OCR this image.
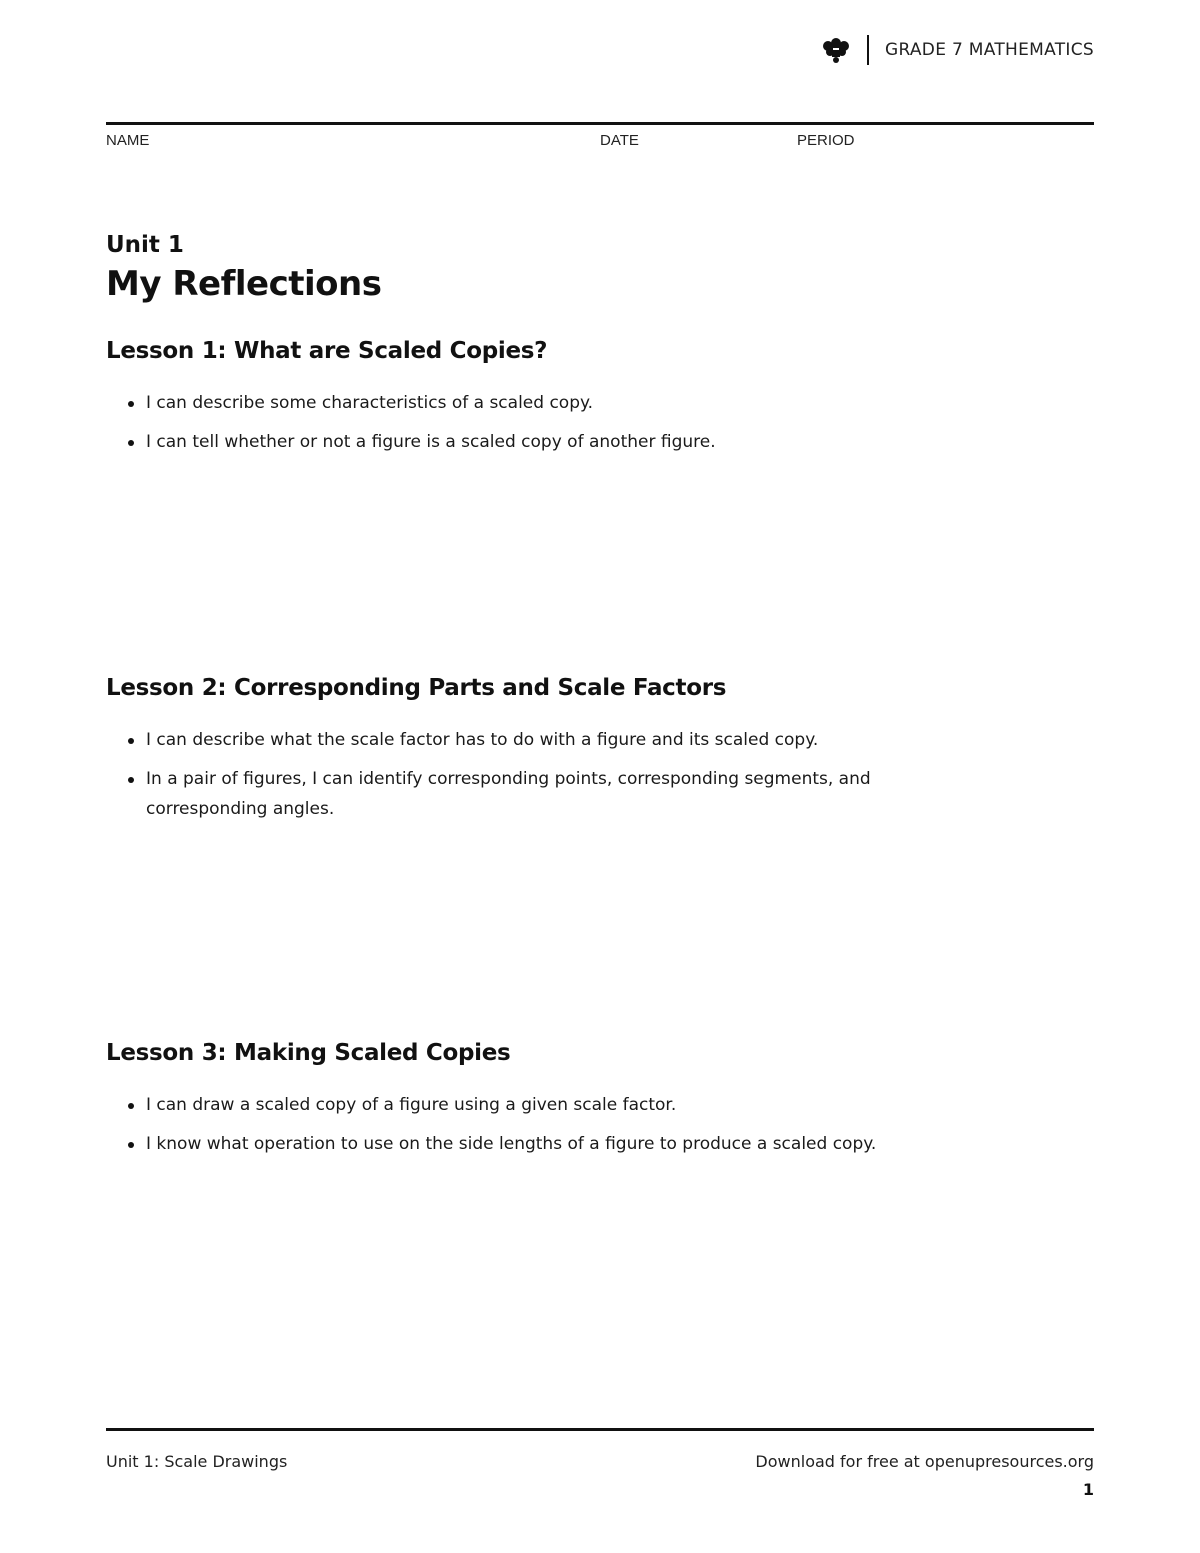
GRADE 7 MATHEMATICS
NAME	DATE	PERIOD
Unit 1
My Reflections
Lesson 1: What are Scaled Copies?
I can describe some characteristics of a scaled copy.
I can tell whether or not a figure is a scaled copy of another figure.
Lesson 2: Corresponding Parts and Scale Factors
I can describe what the scale factor has to do with a figure and its scaled copy.
In a pair of figures, I can identify corresponding points, corresponding segments, and corresponding angles.
Lesson 3: Making Scaled Copies
I can draw a scaled copy of a figure using a given scale factor.
I know what operation to use on the side lengths of a figure to produce a scaled copy.
Unit 1: Scale Drawings	Download for free at openupresources.org
1
